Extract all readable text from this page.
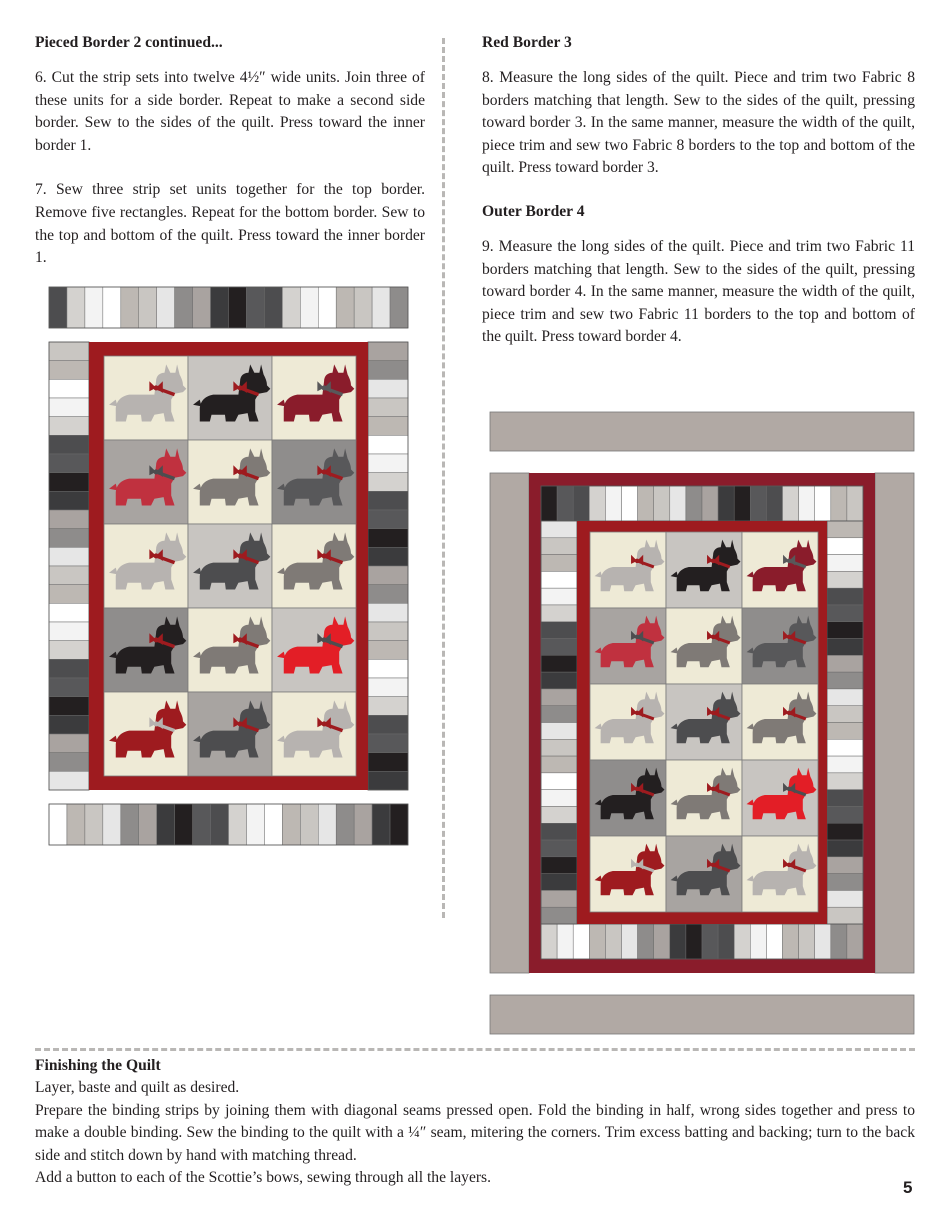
Pieced Border 2 continued...

6. Cut the strip sets into twelve 4½″ wide units. Join three of these units for a side border. Repeat to make a second side border. Sew to the sides of the quilt. Press toward the inner border 1.

7. Sew three strip set units together for the top border. Remove five rectangles. Repeat for the bottom border. Sew to the top and bottom of the quilt. Press toward the inner border 1.

Red Border 3

8. Measure the long sides of the quilt. Piece and trim two Fabric 8 borders matching that length. Sew to the sides of the quilt, pressing toward border 3. In the same manner, measure the width of the quilt, piece trim and sew two Fabric 8 borders to the top and bottom of the quilt. Press toward border 3.

Outer Border 4

9. Measure the long sides of the quilt. Piece and trim two Fabric 11 borders matching that length. Sew to the sides of the quilt, pressing toward border 4. In the same manner, measure the width of the quilt, piece trim and sew two Fabric 11 borders to the top and bottom of the quilt. Press toward border 4.

Finishing the Quilt

Layer, baste and quilt as desired.

Prepare the binding strips by joining them with diagonal seams pressed open. Fold the binding in half, wrong sides together and press to make a double binding. Sew the binding to the quilt with a ¼″ seam, mitering the corners. Trim excess batting and backing; turn to the back side and stitch down by hand with matching thread.

Add a button to each of the Scottie’s bows, sewing through all the layers.

5
